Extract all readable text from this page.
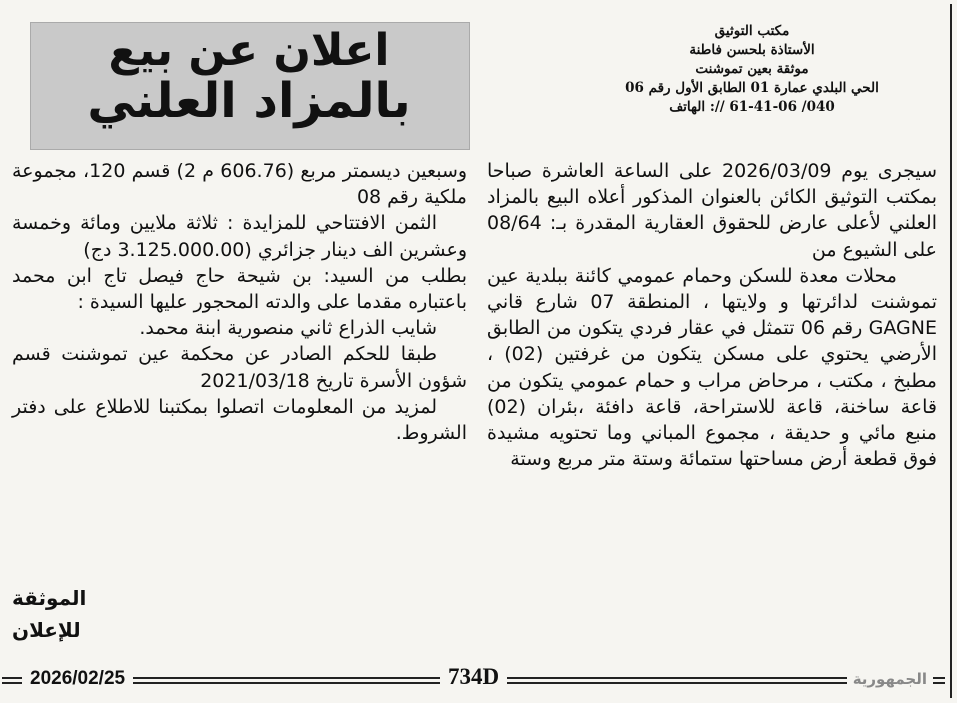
اعلان عن بيع
بالمزاد العلني
مكتب التوثيق
الأستاذة بلحسن فاطنة
موثقة بعين تموشنت
الحي البلدي عمارة 01 الطابق الأول رقم 06
040/ 61-41-06 //: الهاتف

سيجرى يوم 2026/03/09 على الساعة العاشرة صباحا بمكتب التوثيق الكائن بالعنوان المذكور أعلاه البيع بالمزاد العلني لأعلى عارض للحقوق العقارية المقدرة بـ: 08/64 على الشيوع من

محلات معدة للسكن وحمام عمومي كائنة ببلدية عين تموشنت لدائرتها و ولايتها ، المنطقة 07 شارع قاني GAGNE رقم 06 تتمثل في عقار فردي يتكون من الطابق الأرضي يحتوي على مسكن يتكون من غرفتين (02) ، مطبخ ، مكتب ، مرحاض مراب و حمام عمومي يتكون من قاعة ساخنة، قاعة للاستراحة، قاعة دافئة ،بئران (02) منبع مائي و حديقة ، مجموع المباني وما تحتويه مشيدة فوق قطعة أرض مساحتها ستمائة وستة متر مربع وستة

وسبعين ديسمتر مربع (606.76 م 2) قسم 120، مجموعة ملكية رقم 08

الثمن الافتتاحي للمزايدة : ثلاثة ملايين ومائة وخمسة وعشرين الف دينار جزائري (3.125.000.00 دج)

بطلب من السيد: بن شيحة حاج فيصل تاج ابن محمد باعتباره مقدما على والدته المحجور عليها السيدة :

شايب الذراع ثاني منصورية ابنة محمد.

طبقا للحكم الصادر عن محكمة عين تموشنت قسم شؤون الأسرة تاريخ 2021/03/18

لمزيد من المعلومات اتصلوا بمكتبنا للاطلاع على دفتر الشروط.

الموثقة
للإعلان
2026/02/25	734D	الجمهورية
